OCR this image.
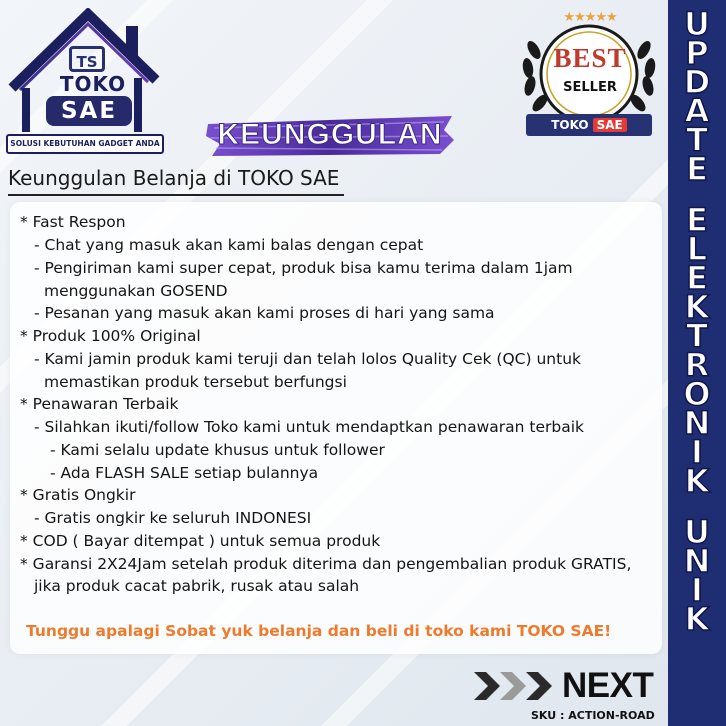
TS
TOKO
SAE
SOLUSI KEBUTUHAN GADGET ANDA	KEUNGGULAN
★★★★★
BEST
SELLER
TOKO SAE
U
P
D
A
T
E
E
L
E
K
T
R
O
N
I
K
U
N
I
K
Keunggulan Belanja di TOKO SAE
* Fast Respon
- Chat yang masuk akan kami balas dengan cepat
- Pengiriman kami super cepat, produk bisa kamu terima dalam 1jam
menggunakan GOSEND
- Pesanan yang masuk akan kami proses di hari yang sama
* Produk 100% Original
- Kami jamin produk kami teruji dan telah lolos Quality Cek (QC) untuk
memastikan produk tersebut berfungsi
* Penawaran Terbaik
- Silahkan ikuti/follow Toko kami untuk mendaptkan penawaran terbaik
- Kami selalu update khusus untuk follower
- Ada FLASH SALE setiap bulannya
* Gratis Ongkir
- Gratis ongkir ke seluruh INDONESI
* COD ( Bayar ditempat ) untuk semua produk
* Garansi 2X24Jam setelah produk diterima dan pengembalian produk GRATIS,
jika produk cacat pabrik, rusak atau salah
Tunggu apalagi Sobat yuk belanja dan beli di toko kami TOKO SAE!
NEXT
SKU : ACTION-ROAD
